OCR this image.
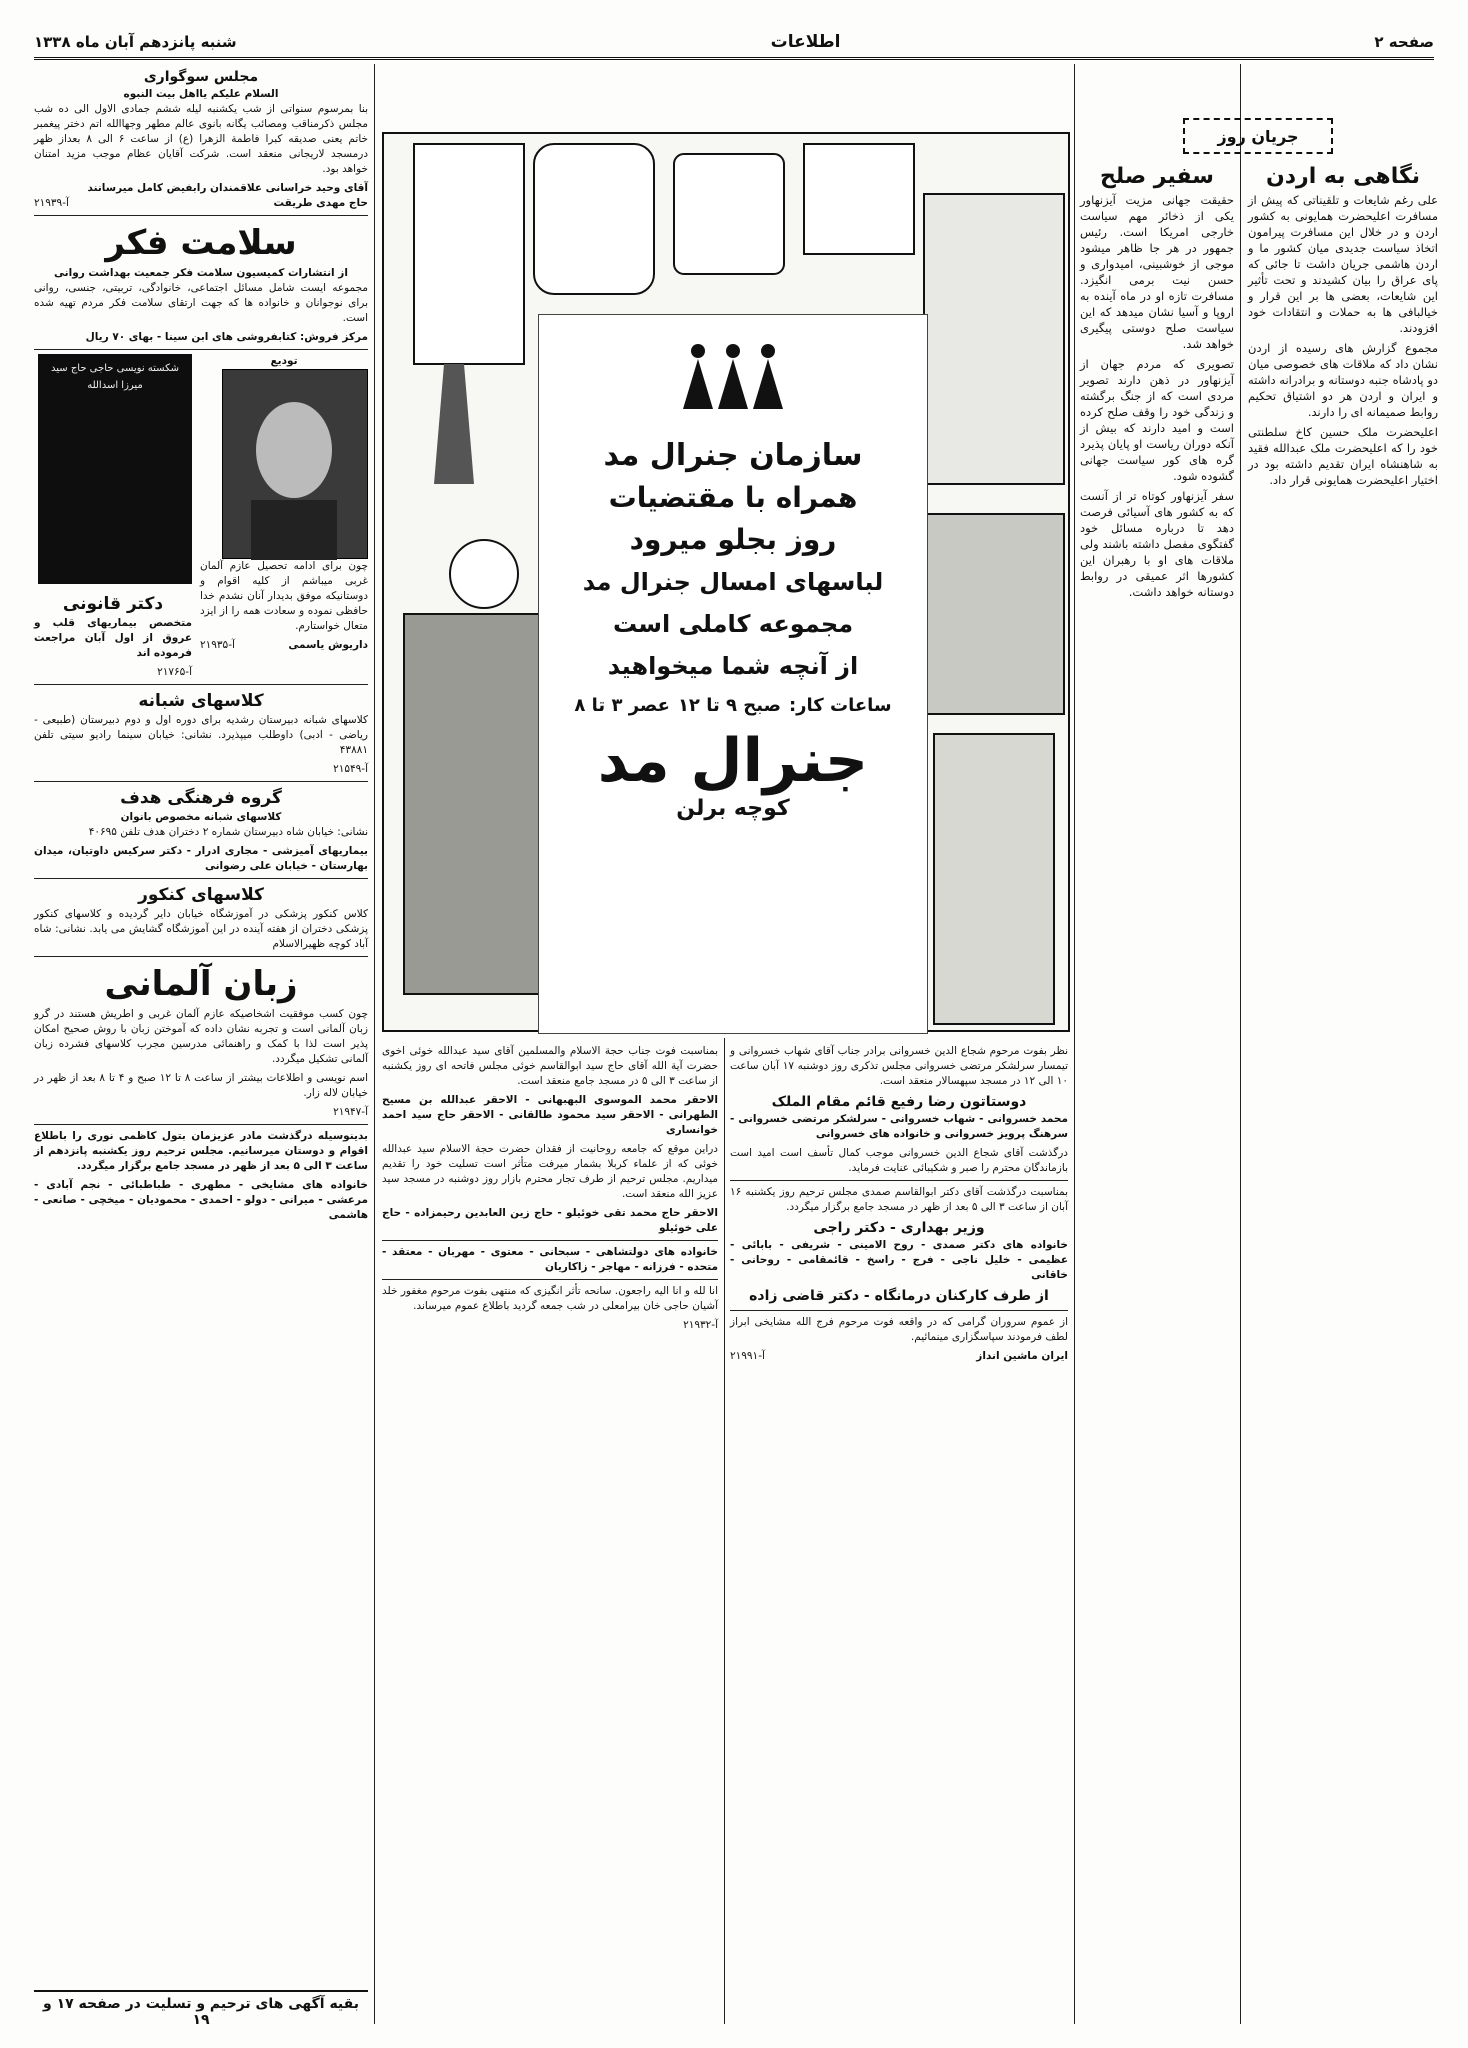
صفحه ۲
اطلاعات
شنبه پانزدهم آبان ماه ۱۳۳۸
جریان روز
نگاهی به اردن

علی رغم شایعات و تلقیناتی که پیش از مسافرت اعلیحضرت همایونی به کشور اردن و در خلال این مسافرت پیرامون اتخاذ سیاست جدیدی میان کشور ما و اردن هاشمی جریان داشت تا جائی که پای عراق را بیان کشیدند و تحت تأثیر این شایعات، بعضی ها بر این قرار و خیالبافی ها به حملات و انتقادات خود افزودند.

مجموع گزارش های رسیده از اردن نشان داد که ملاقات های خصوصی میان دو پادشاه جنبه دوستانه و برادرانه داشته و ایران و اردن هر دو اشتیاق تحکیم روابط صمیمانه ای را دارند.

اعلیحضرت ملک حسین کاخ سلطنتی خود را که اعلیحضرت ملک عبدالله فقید به شاهنشاه ایران تقدیم داشته بود در اختیار اعلیحضرت همایونی قرار داد.

سفیر صلح

حقیقت جهانی مزیت آیزنهاور یکی از ذخائر مهم سیاست خارجی امریکا است. رئیس جمهور در هر جا ظاهر میشود موجی از خوشبینی، امیدواری و حسن نیت برمی انگیزد. مسافرت تازه او در ماه آینده به اروپا و آسیا نشان میدهد که این سیاست صلح دوستی پیگیری خواهد شد.

تصویری که مردم جهان از آیزنهاور در ذهن دارند تصویر مردی است که از جنگ برگشته و زندگی خود را وقف صلح کرده است و امید دارند که بیش از آنکه دوران ریاست او پایان پذیرد گره های کور سیاست جهانی گشوده شود.

سفر آیزنهاور کوتاه تر از آنست که به کشور های آسیائی فرصت دهد تا درباره مسائل خود گفتگوی مفصل داشته باشند ولی ملاقات های او با رهبران این کشورها اثر عمیقی در روابط دوستانه خواهد داشت.

سازمان جنرال مد
همراه با مقتضیات
روز بجلو میرود
لباسهای امسال جنرال مد
مجموعه کاملی است
از آنچه شما میخواهید
ساعات کار:
صبح ۹ تا ۱۲
عصر ۳ تا ۸
جنرال مد
کوچه برلن
مجلس سوگواری
السلام علیکم یااهل بیت النبوه

بنا بمرسوم سنواتی از شب یکشنبه لیله ششم جمادی الاول الی ده شب مجلس ذکرمناقب ومصائب یگانه بانوی عالم مطهر وجهاالله اتم دختر پیغمبر خاتم یعنی صدیقه کبرا فاطمة الزهرا (ع) از ساعت ۶ الی ۸ بعداز ظهر درمسجد لاریجانی منعقد است. شرکت آقایان عظام موجب مزید امتنان خواهد بود.

آقای وحید خراسانی علاقمندان رابفیض کامل میرسانند
حاج مهدی طریقت
آ-۲۱۹۳۹
سلامت فکر
از انتشارات کمیسیون سلامت فکر جمعیت بهداشت روانی

مجموعه ایست شامل مسائل اجتماعی، خانوادگی، تربیتی، جنسی، روانی برای نوجوانان و خانواده ها که جهت ارتقای سلامت فکر مردم تهیه شده است.

مرکز فروش: کتابفروشی های ابن سینا - بهای ۷۰ ریال
تودیع

چون برای ادامه تحصیل عازم آلمان غربی میباشم از کلیه اقوام و دوستانیکه موفق بدیدار آنان نشدم خدا حافظی نموده و سعادت همه را از ایزد متعال خواستارم.

داریوش یاسمی
آ-۲۱۹۳۵
شکسته نویسی حاجی حاج سید میرزا اسدالله
دکتر قانونی

متخصص بیماریهای قلب و عروق از اول آبان مراجعت فرموده اند

آ-۲۱۷۶۵
کلاسهای شبانه

کلاسهای شبانه دبیرستان رشدیه برای دوره اول و دوم دبیرستان (طبیعی - ریاضی - ادبی) داوطلب میپذیرد. نشانی: خیابان سینما رادیو سیتی تلفن ۴۳۸۸۱

آ-۲۱۵۴۹
گروه فرهنگی هدف
کلاسهای شبانه مخصوص بانوان

نشانی: خیابان شاه دبیرستان شماره ۲ دختران هدف تلفن ۴۰۶۹۵

بیماریهای آمیزشی - مجاری ادرار - دکتر سرکیس داوتیان، میدان بهارستان - خیابان علی رضوانی

کلاسهای کنکور

کلاس کنکور پزشکی در آموزشگاه خیابان دایر گردیده و کلاسهای کنکور پزشکی دختران از هفته آینده در این آموزشگاه گشایش می یابد. نشانی: شاه آباد کوچه ظهیرالاسلام

زبان آلمانی

چون کسب موفقیت اشخاصیکه عازم آلمان غربی و اطریش هستند در گرو زبان آلمانی است و تجربه نشان داده که آموختن زبان با روش صحیح امکان پذیر است لذا با کمک و راهنمائی مدرسین مجرب کلاسهای فشرده زبان آلمانی تشکیل میگردد.

اسم نویسی و اطلاعات بیشتر از ساعت ۸ تا ۱۲ صبح و ۴ تا ۸ بعد از ظهر در خیابان لاله زار.

آ-۲۱۹۴۷

بدینوسیله درگذشت مادر عزیزمان بتول کاظمی نوری را باطلاع اقوام و دوستان میرسانیم. مجلس ترحیم روز یکشنبه پانزدهم از ساعت ۳ الی ۵ بعد از ظهر در مسجد جامع برگزار میگردد.

خانواده های مشایخی - مطهری - طباطبائی - نجم آبادی - مرعشی - میرانی - دولو - احمدی - محمودیان - میخچی - صانعی - هاشمی

بقیه آگهی های ترحیم و تسلیت در صفحه ۱۷ و ۱۹

بمناسبت فوت جناب حجة الاسلام والمسلمین آقای سید عبدالله خوئی اخوی حضرت آیة الله آقای حاج سید ابوالقاسم خوئی مجلس فاتحه ای روز یکشنبه از ساعت ۳ الی ۵ در مسجد جامع منعقد است.

الاحقر محمد الموسوی البهبهانی - الاحقر عبدالله بن مسیح الطهرانی - الاحقر سید محمود طالقانی - الاحقر حاج سید احمد خوانساری

دراین موقع که جامعه روحانیت از فقدان حضرت حجة الاسلام سید عبدالله خوئی که از علماء کربلا بشمار میرفت متأثر است تسلیت خود را تقدیم میداریم. مجلس ترحیم از طرف تجار محترم بازار روز دوشنبه در مسجد سید عزیز الله منعقد است.

الاحقر حاج محمد تقی خوئیلو - حاج زین العابدین رحیمزاده - حاج علی خوئیلو

خانواده های دولتشاهی - سبحانی - معتوی - مهربان - معتقد - متحده - فرزانه - مهاجر - زاکاریان

انا لله و انا الیه راجعون. سانحه تأثر انگیزی که منتهی بفوت مرحوم مغفور خلد آشیان حاجی خان بیرامعلی در شب جمعه گردید باطلاع عموم میرساند.

آ-۲۱۹۳۲

نظر بفوت مرحوم شجاع الدین خسروانی برادر جناب آقای شهاب خسروانی و تیمسار سرلشکر مرتضی خسروانی مجلس تذکری روز دوشنبه ۱۷ آبان ساعت ۱۰ الی ۱۲ در مسجد سپهسالار منعقد است.

دوستاتون رضا رفیع قائم مقام الملک

محمد خسروانی - شهاب خسروانی - سرلشکر مرتضی خسروانی - سرهنگ پرویز خسروانی و خانواده های خسروانی

درگذشت آقای شجاع الدین خسروانی موجب کمال تأسف است امید است بازماندگان محترم را صبر و شکیبائی عنایت فرماید.

بمناسبت درگذشت آقای دکتر ابوالقاسم صمدی مجلس ترحیم روز یکشنبه ۱۶ آبان از ساعت ۳ الی ۵ بعد از ظهر در مسجد جامع برگزار میگردد.

وزیر بهداری - دکتر راجی

خانواده های دکتر صمدی - روح الامینی - شریفی - بابائی - عظیمی - خلیل ناجی - فرج - راسخ - قائمقامی - روحانی - خاقانی

از طرف کارکنان درمانگاه - دکتر قاضی زاده

از عموم سروران گرامی که در واقعه فوت مرحوم فرج الله مشایخی ابراز لطف فرمودند سپاسگزاری مینمائیم.

ایران ماشین انداز
آ-۲۱۹۹۱
